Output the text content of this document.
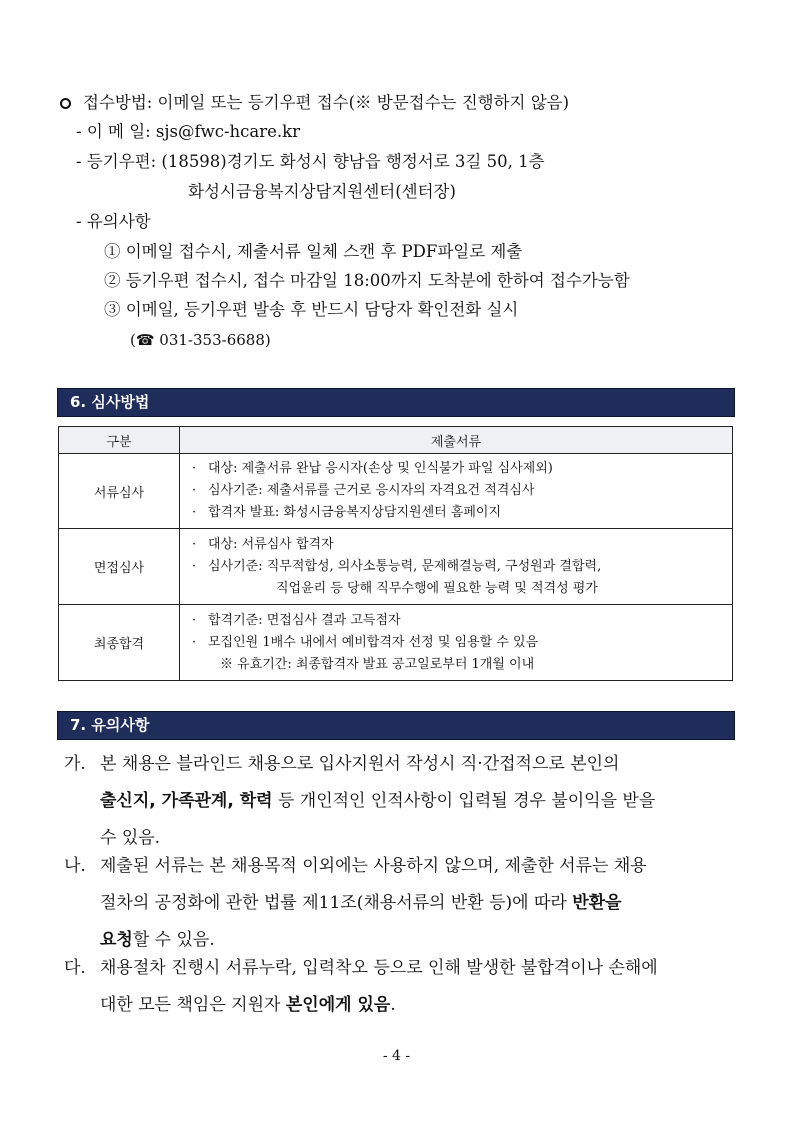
접수방법: 이메일 또는 등기우편 접수(※ 방문접수는 진행하지 않음)
- 이 메 일: sjs@fwc-hcare.kr
- 등기우편: (18598)경기도 화성시 향남읍 행정서로 3길 50, 1층
화성시금융복지상담지원센터(센터장)
- 유의사항
① 이메일 접수시, 제출서류 일체 스캔 후 PDF파일로 제출
② 등기우편 접수시, 접수 마감일 18:00까지 도착분에 한하여 접수가능함
③ 이메일, 등기우편 발송 후 반드시 담당자 확인전화 실시
(☎ 031-353-6688)
6. 심사방법
구분	제출서류
서류심사	· 대상: 제출서류 완납 응시자(손상 및 인식불가 파일 심사제외)
· 심사기준: 제출서류를 근거로 응시자의 자격요건 적격심사
· 합격자 발표: 화성시금융복지상담지원센터 홈페이지

면접심사	· 대상: 서류심사 합격자
· 심사기준: 직무적합성, 의사소통능력, 문제해결능력, 구성원과 결합력,
직업윤리 등 당해 직무수행에 필요한 능력 및 적격성 평가

최종합격	· 합격기준: 면접심사 결과 고득점자
· 모집인원 1배수 내에서 예비합격자 선정 및 임용할 수 있음
※ 유효기간: 최종합격자 발표 공고일로부터 1개월 이내
7. 유의사항
가. 본 채용은 블라인드 채용으로 입사지원서 작성시 직·간접적으로 본인의
출신지, 가족관계, 학력 등 개인적인 인적사항이 입력될 경우 불이익을 받을
수 있음.
나. 제출된 서류는 본 채용목적 이외에는 사용하지 않으며, 제출한 서류는 채용
절차의 공정화에 관한 법률 제11조(채용서류의 반환 등)에 따라 반환을
요청할 수 있음.
다. 채용절차 진행시 서류누락, 입력착오 등으로 인해 발생한 불합격이나 손해에
대한 모든 책임은 지원자 본인에게 있음.
- 4 -
